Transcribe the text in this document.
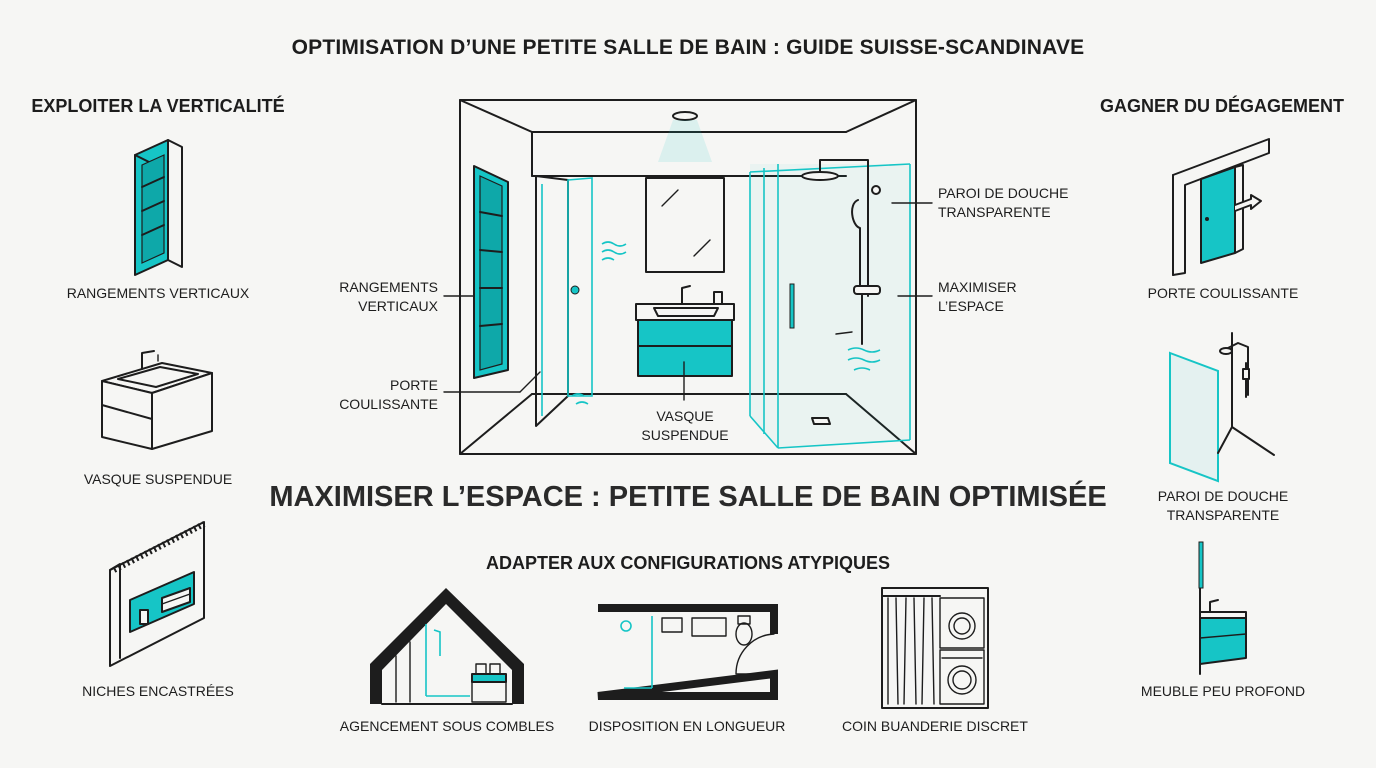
OPTIMISATION D’UNE PETITE SALLE DE BAIN : GUIDE SUISSE-SCANDINAVE
MAXIMISER L’ESPACE : PETITE SALLE DE BAIN OPTIMISÉE
EXPLOITER LA VERTICALITÉ
RANGEMENTS VERTICAUX
VASQUE SUSPENDUE
NICHES ENCASTRÉES
GAGNER DU DÉGAGEMENT
PORTE COULISSANTE
PAROI DE DOUCHE
TRANSPARENTE
MEUBLE PEU PROFOND
RANGEMENTS
VERTICAUX
PORTE
COULISSANTE
VASQUE
SUSPENDUE
PAROI DE DOUCHE
TRANSPARENTE
MAXIMISER
L’ESPACE
ADAPTER AUX CONFIGURATIONS ATYPIQUES
AGENCEMENT SOUS COMBLES	DISPOSITION EN LONGUEUR	COIN BUANDERIE DISCRET
